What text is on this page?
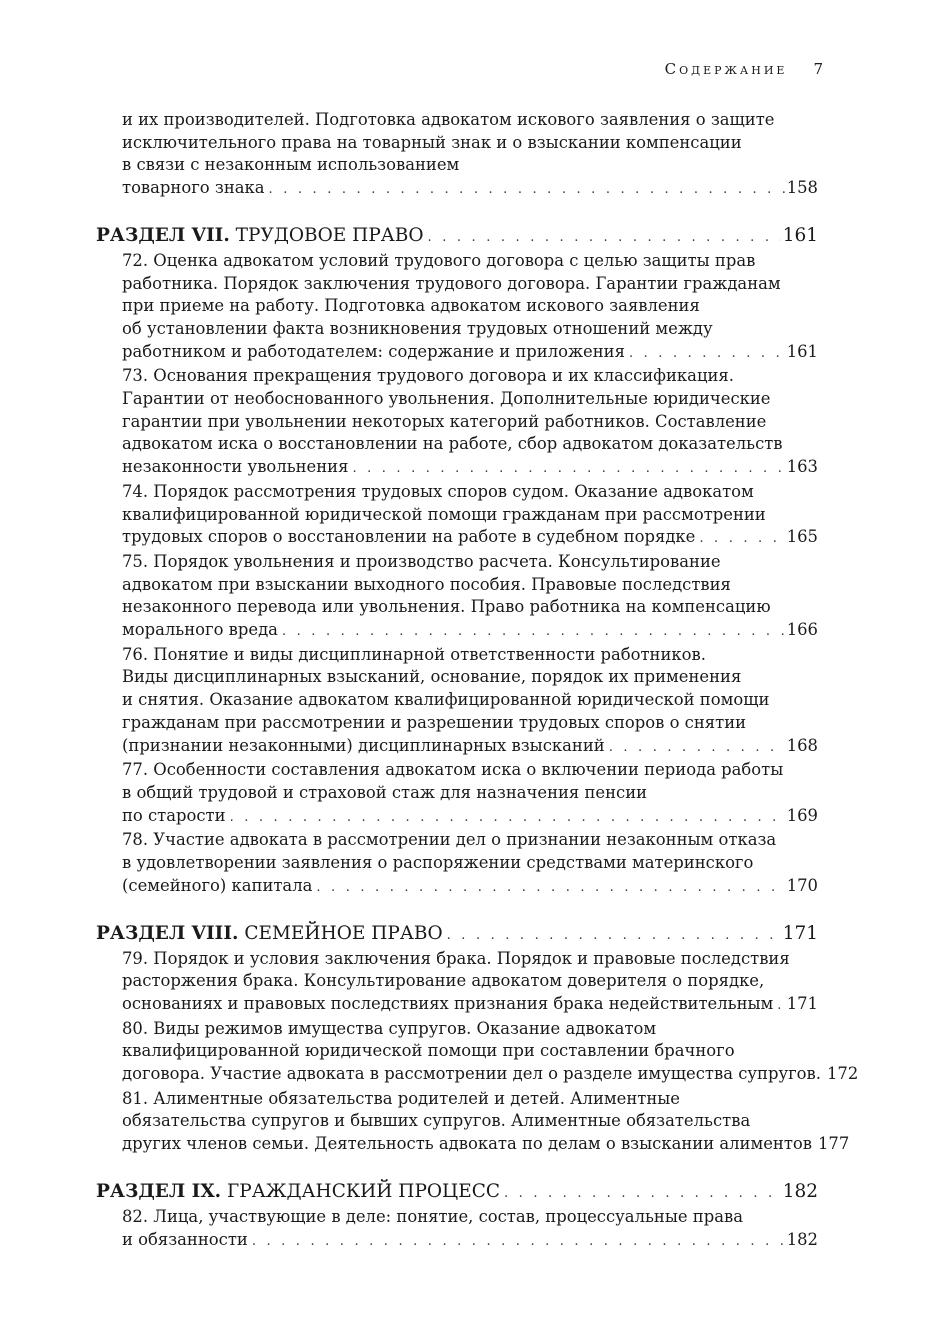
Содержание 7
и их производителей. Подготовка адвокатом искового заявления о защите
исключительного права на товарный знак и о взыскании компенсации
в связи с незаконным использованием
товарного знака . . .	158
РАЗДЕЛ VII. ТРУДОВОЕ ПРАВО . . .	161
72. Оценка адвокатом условий трудового договора с целью защиты прав
работника. Порядок заключения трудового договора. Гарантии гражданам
при приеме на работу. Подготовка адвокатом искового заявления
об установлении факта возникновения трудовых отношений между
работником и работодателем: содержание и приложения . . .	161
73. Основания прекращения трудового договора и их классификация.
Гарантии от необоснованного увольнения. Дополнительные юридические
гарантии при увольнении некоторых категорий работников. Составление
адвокатом иска о восстановлении на работе, сбор адвокатом доказательств
незаконности увольнения . . .	163
74. Порядок рассмотрения трудовых споров судом. Оказание адвокатом
квалифицированной юридической помощи гражданам при рассмотрении
трудовых споров о восстановлении на работе в судебном порядке . . .	165
75. Порядок увольнения и производство расчета. Консультирование
адвокатом при взыскании выходного пособия. Правовые последствия
незаконного перевода или увольнения. Право работника на компенсацию
морального вреда . . .	166
76. Понятие и виды дисциплинарной ответственности работников.
Виды дисциплинарных взысканий, основание, порядок их применения
и снятия. Оказание адвокатом квалифицированной юридической помощи
гражданам при рассмотрении и разрешении трудовых споров о снятии
(признании незаконными) дисциплинарных взысканий . . .	168
77. Особенности составления адвокатом иска о включении периода работы
в общий трудовой и страховой стаж для назначения пенсии
по старости . . .	169
78. Участие адвоката в рассмотрении дел о признании незаконным отказа
в удовлетворении заявления о распоряжении средствами материнского
(семейного) капитала . . .	170
РАЗДЕЛ VIII. СЕМЕЙНОЕ ПРАВО . . .	171
79. Порядок и условия заключения брака. Порядок и правовые последствия
расторжения брака. Консультирование адвокатом доверителя о порядке,
основаниях и правовых последствиях признания брака недействительным . . . 171
80. Виды режимов имущества супругов. Оказание адвокатом
квалифицированной юридической помощи при составлении брачного
договора. Участие адвоката в рассмотрении дел о разделе имущества супругов. 172
81. Алиментные обязательства родителей и детей. Алиментные
обязательства супругов и бывших супругов. Алиментные обязательства
других членов семьи. Деятельность адвоката по делам о взыскании алиментов 177
РАЗДЕЛ IX. ГРАЖДАНСКИЙ ПРОЦЕСС . . .	182
82. Лица, участвующие в деле: понятие, состав, процессуальные права
и обязанности . . .	182
